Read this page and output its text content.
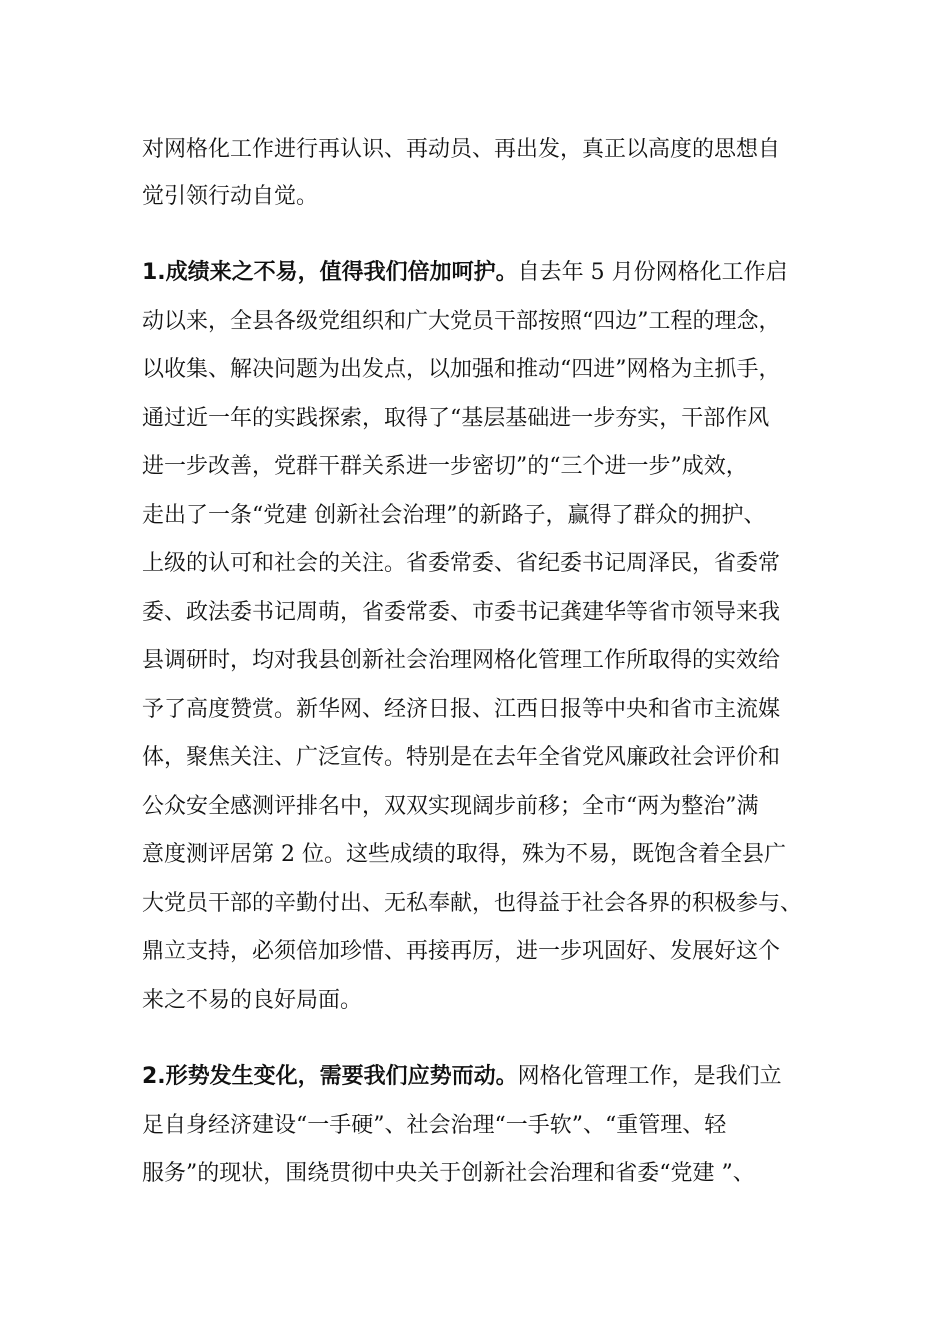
对网格化工作进行再认识、再动员、再出发，真正以高度的思想自
觉引领行动自觉。
1.成绩来之不易，值得我们倍加呵护。自去年 5 月份网格化工作启
动以来，全县各级党组织和广大党员干部按照“四边”工程的理念，
以收集、解决问题为出发点，以加强和推动“四进”网格为主抓手，
通过近一年的实践探索，取得了“基层基础进一步夯实，干部作风
进一步改善，党群干群关系进一步密切”的“三个进一步”成效，
走出了一条“党建 创新社会治理”的新路子，赢得了群众的拥护、
上级的认可和社会的关注。省委常委、省纪委书记周泽民，省委常
委、政法委书记周萌，省委常委、市委书记龚建华等省市领导来我
县调研时，均对我县创新社会治理网格化管理工作所取得的实效给
予了高度赞赏。新华网、经济日报、江西日报等中央和省市主流媒
体，聚焦关注、广泛宣传。特别是在去年全省党风廉政社会评价和
公众安全感测评排名中，双双实现阔步前移；全市“两为整治”满
意度测评居第 2 位。这些成绩的取得，殊为不易，既饱含着全县广
大党员干部的辛勤付出、无私奉献，也得益于社会各界的积极参与、
鼎立支持，必须倍加珍惜、再接再厉，进一步巩固好、发展好这个
来之不易的良好局面。
2.形势发生变化，需要我们应势而动。网格化管理工作，是我们立
足自身经济建设“一手硬”、社会治理“一手软”、“重管理、轻
服务”的现状，围绕贯彻中央关于创新社会治理和省委“党建 ”、
